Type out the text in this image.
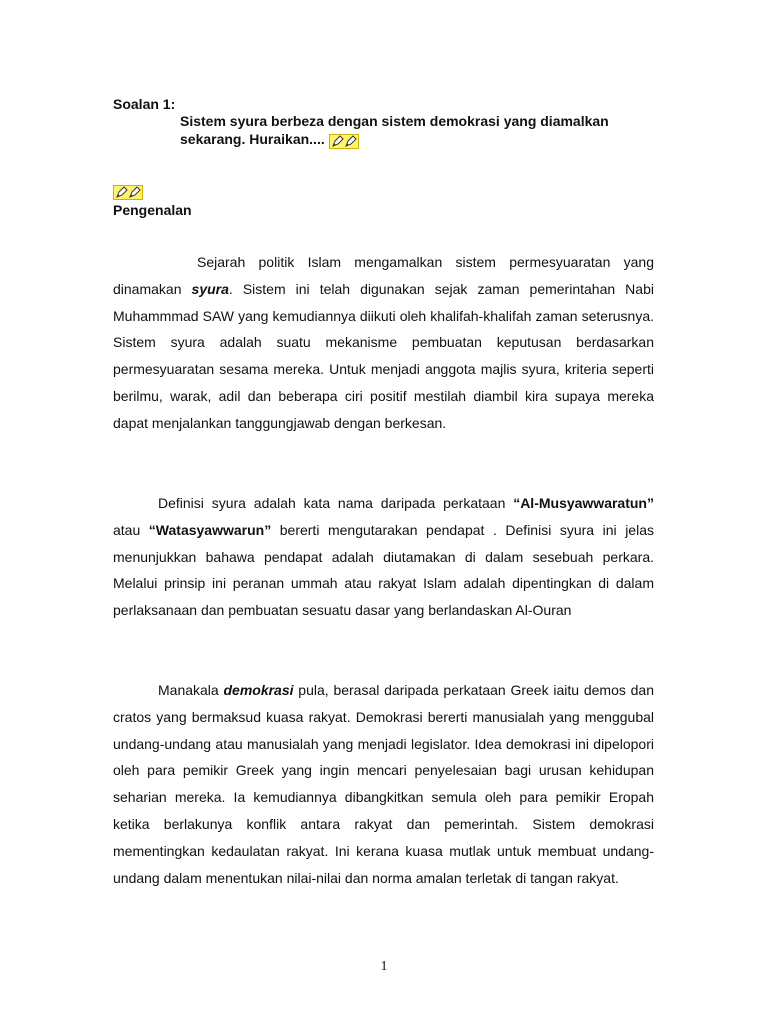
Soalan 1:
Sistem syura berbeza dengan sistem demokrasi yang diamalkan sekarang. Huraikan....
Pengenalan

Sejarah politik Islam mengamalkan sistem permesyuaratan yang dinamakan syura. Sistem ini telah digunakan sejak zaman pemerintahan Nabi Muhammmad SAW yang kemudiannya diikuti oleh khalifah-khalifah zaman seterusnya. Sistem syura adalah suatu mekanisme pembuatan keputusan berdasarkan permesyuaratan sesama mereka. Untuk menjadi anggota majlis syura, kriteria seperti berilmu, warak, adil dan beberapa ciri positif mestilah diambil kira supaya mereka dapat menjalankan tanggungjawab dengan berkesan.

Definisi syura adalah kata nama daripada perkataan “Al-Musyawwaratun” atau “Watasyawwarun” bererti mengutarakan pendapat . Definisi syura ini jelas menunjukkan bahawa pendapat adalah diutamakan di dalam sesebuah perkara. Melalui prinsip ini peranan ummah atau rakyat Islam adalah dipentingkan di dalam perlaksanaan dan pembuatan sesuatu dasar yang berlandaskan Al-Ouran

Manakala demokrasi pula, berasal daripada perkataan Greek iaitu demos dan cratos yang bermaksud kuasa rakyat. Demokrasi bererti manusialah yang menggubal undang-undang atau manusialah yang menjadi legislator. Idea demokrasi ini dipelopori oleh para pemikir Greek yang ingin mencari penyelesaian bagi urusan kehidupan seharian mereka. Ia kemudiannya dibangkitkan semula oleh para pemikir Eropah ketika berlakunya konflik antara rakyat dan pemerintah. Sistem demokrasi mementingkan kedaulatan rakyat. Ini kerana kuasa mutlak untuk membuat undang-undang dalam menentukan nilai-nilai dan norma amalan terletak di tangan rakyat.

1
